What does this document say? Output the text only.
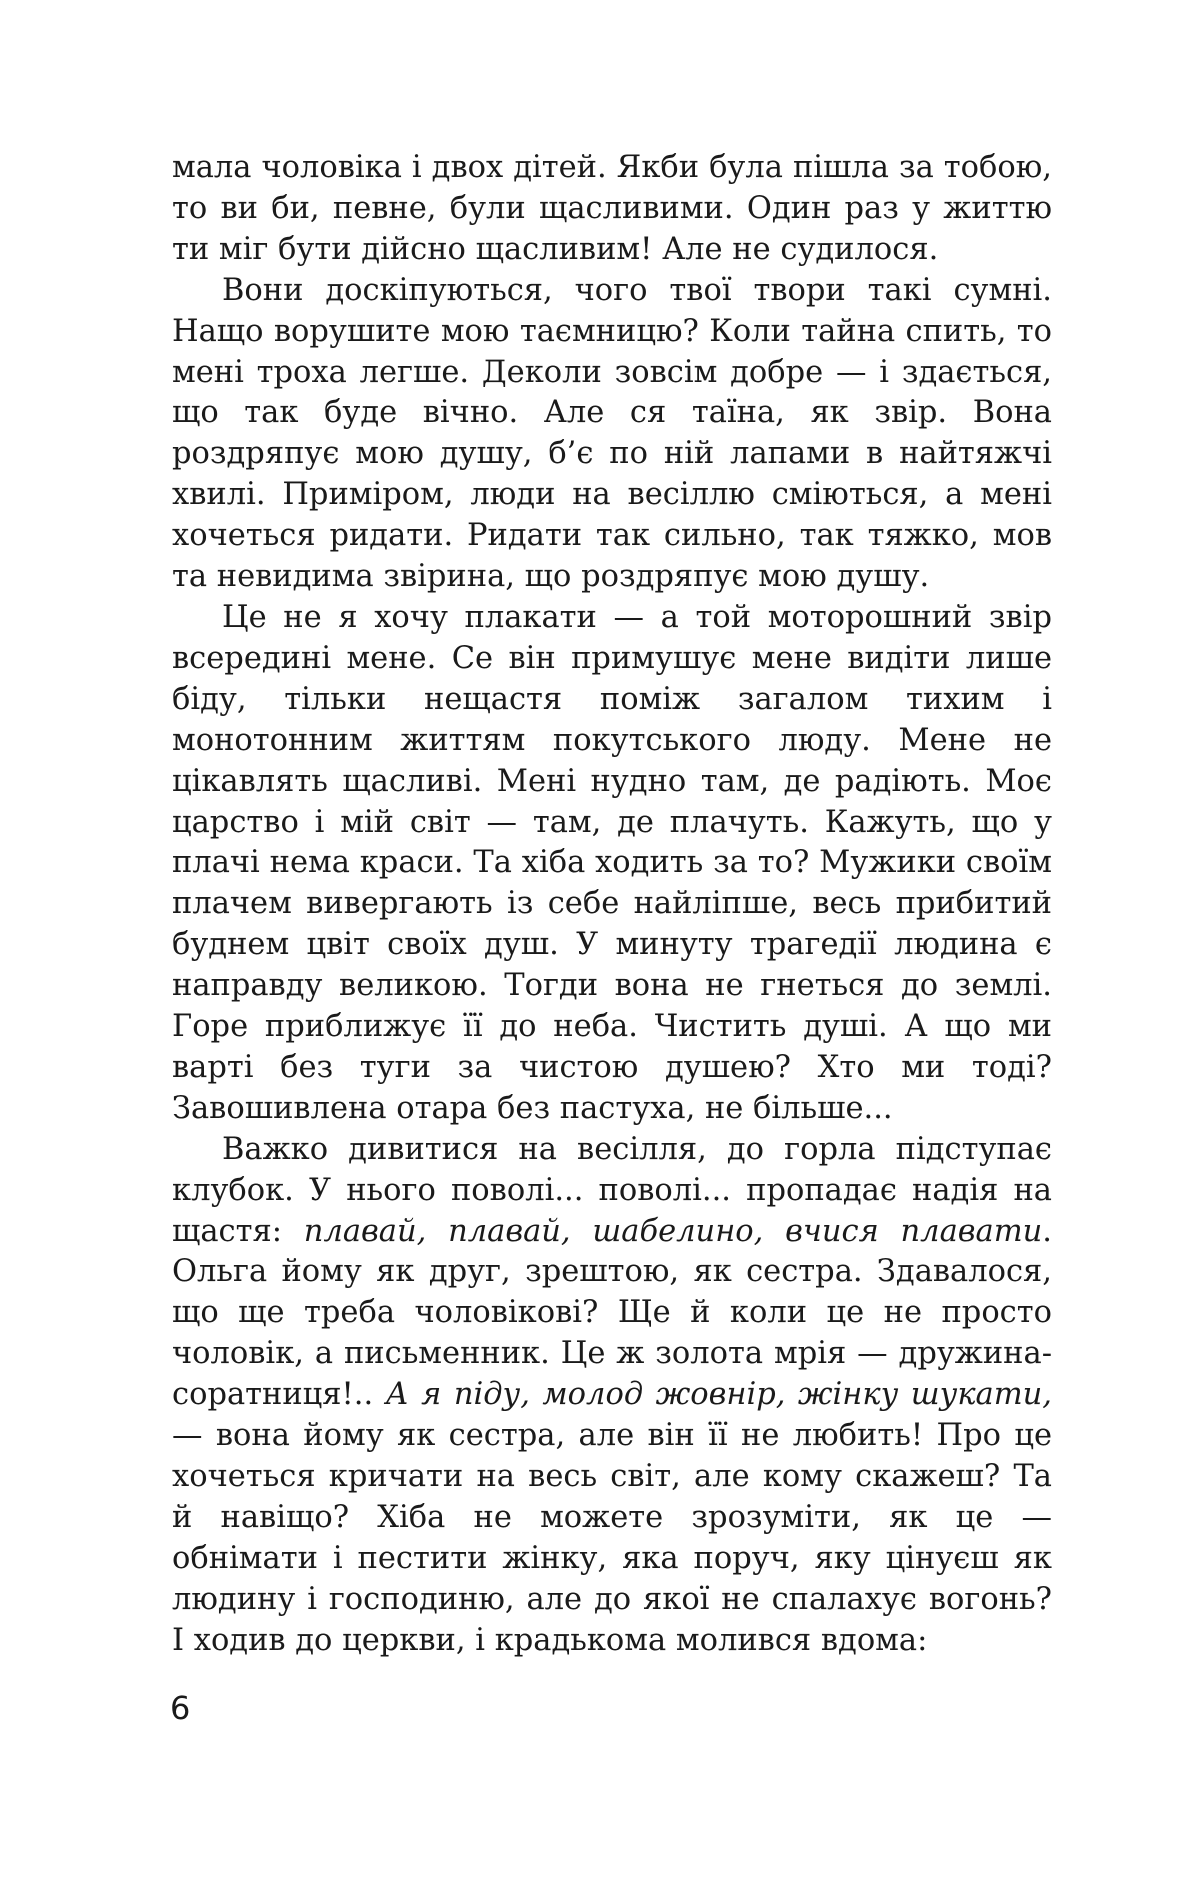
мала чоловіка і двох дітей. Якби була пішла за тобою, то ви би, певне, були щасливими. Один раз у життю ти міг бути дійсно щасливим! Але не судилося.

Вони доскіпуються, чого твої твори такі сумні. Нащо ворушите мою таємницю? Коли тайна спить, то мені троха легше. Деколи зовсім добре — і здається, що так буде вічно. Але ся таїна, як звір. Вона роздряпує мою душу, б’є по ній лапами в найтяжчі хвилі. Приміром, люди на весіллю сміються, а мені хочеться ридати. Ридати так сильно, так тяжко, мов та невидима звірина, що роздряпує мою душу.

Це не я хочу плакати — а той моторошний звір всередині мене. Се він примушує мене видіти лише біду, тільки нещастя поміж загалом тихим і монотонним життям покутського люду. Мене не цікавлять щасливі. Мені нудно там, де радіють. Моє царство і мій світ — там, де плачуть. Кажуть, що у плачі нема краси. Та хіба ходить за то? Мужики своїм плачем вивергають із себе найліпше, весь прибитий буднем цвіт своїх душ. У минуту трагедії людина є направду великою. Тогди вона не гнеться до землі. Горе приближує її до неба. Чистить душі. А що ми варті без туги за чистою душею? Хто ми тоді? Завошивлена отара без пастуха, не більше...

Важко дивитися на весілля, до горла підступає клубок. У нього поволі... поволі... пропадає надія на щастя: плавай, плавай, шабелино, вчися плавати. Ольга йому як друг, зрештою, як сестра. Здавалося, що ще треба чоловікові? Ще й коли це не просто чоловік, а письменник. Це ж золота мрія — дружина-соратниця!.. А я піду, молод жовнір, жінку шукати, — вона йому як сестра, але він її не любить! Про це хочеться кричати на весь світ, але кому скажеш? Та й навіщо? Хіба не можете зрозуміти, як це — обнімати і пестити жінку, яка поруч, яку цінуєш як людину і господиню, але до якої не спалахує вогонь? І ходив до церкви, і крадькома молився вдома:

6
